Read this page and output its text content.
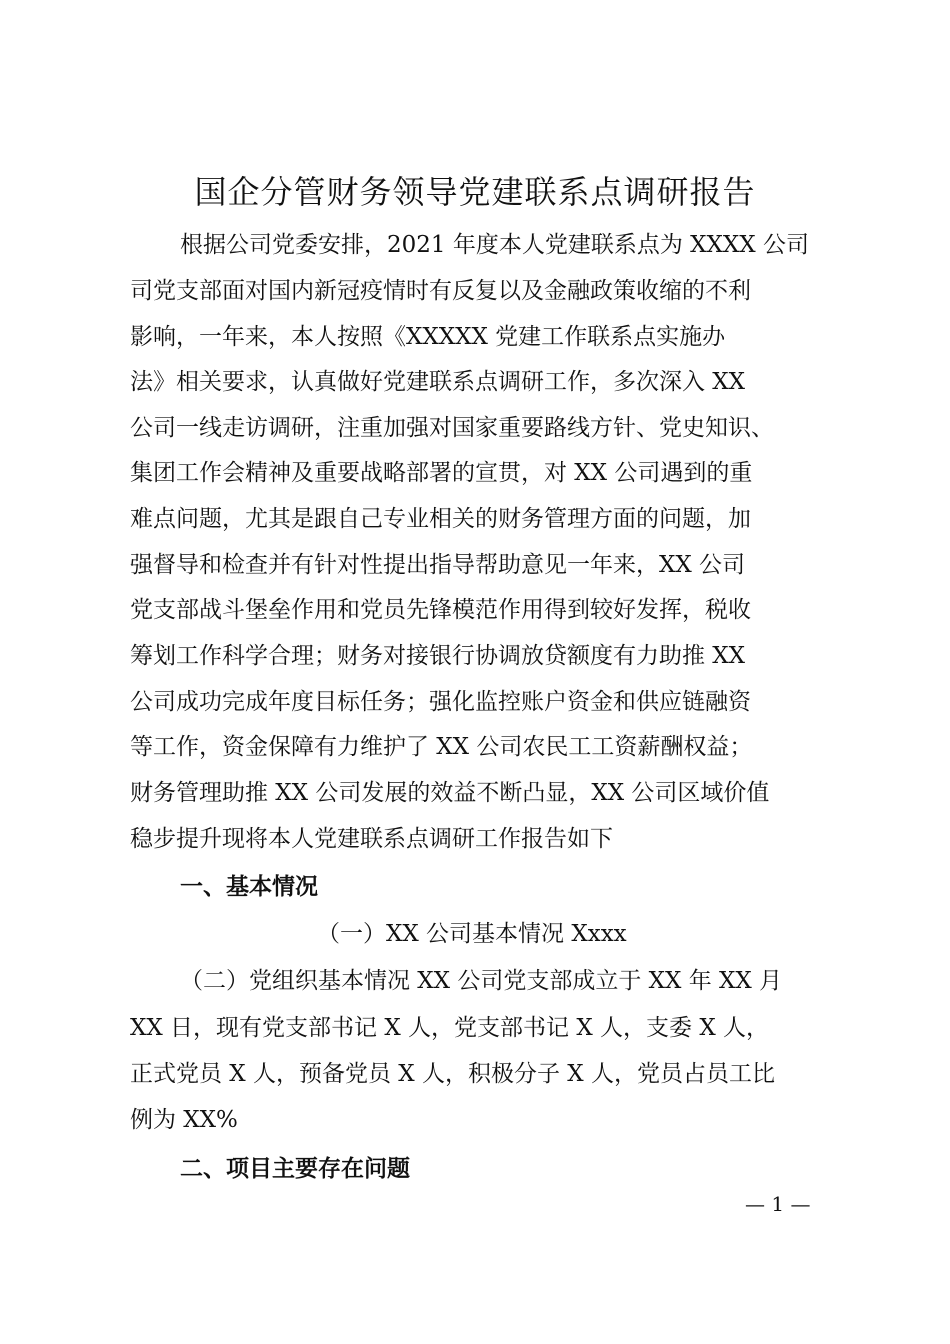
国企分管财务领导党建联系点调研报告

根据公司党委安排，2021 年度本人党建联系点为 XXXX 公司

司党支部面对国内新冠疫情时有反复以及金融政策收缩的不利

影响，一年来，本人按照《XXXXX 党建工作联系点实施办

法》相关要求，认真做好党建联系点调研工作，多次深入 XX

公司一线走访调研，注重加强对国家重要路线方针、党史知识、

集团工作会精神及重要战略部署的宣贯，对 XX 公司遇到的重

难点问题，尤其是跟自己专业相关的财务管理方面的问题，加

强督导和检查并有针对性提出指导帮助意见一年来，XX 公司

党支部战斗堡垒作用和党员先锋模范作用得到较好发挥，税收

筹划工作科学合理；财务对接银行协调放贷额度有力助推 XX

公司成功完成年度目标任务；强化监控账户资金和供应链融资

等工作，资金保障有力维护了 XX 公司农民工工资薪酬权益；

财务管理助推 XX 公司发展的效益不断凸显，XX 公司区域价值

稳步提升现将本人党建联系点调研工作报告如下

一、基本情况

（一）XX 公司基本情况 Xxxx

（二）党组织基本情况 XX 公司党支部成立于 XX 年 XX 月

XX 日，现有党支部书记 X 人，党支部书记 X 人，支委 X 人，

正式党员 X 人，预备党员 X 人，积极分子 X 人，党员占员工比

例为 XX%

二、项目主要存在问题

— 1 —
